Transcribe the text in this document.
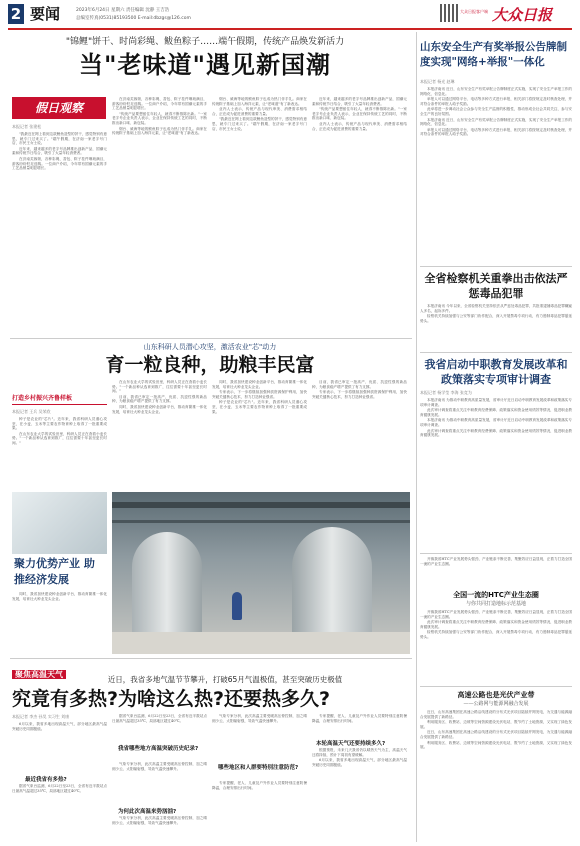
2 要闻	2023年6月24日 星期六 责任编辑 沈静 王吉浩
总编室传真(0531)85193500 E-mail:dbzgs@126.com
大众日报客户端 大众日报
"锦鲤"饼干、时尚彩绳、鲅鱼粽子……端午假期，传统产品焕发新活力
当"老味道"遇见新国潮
假日观察
本报记者 张建松

"我最近在网上看到这款鲤鱼造型的饼干，感觉特别有意思，就专门过来买了。"端午假期，在济南一家老字号门店，市民王女士说。

近年来，越来越多的老字号品牌推出创新产品，国潮元素和传统节日结合，吸引了大量年轻消费者。

在济南芙蓉街，各种彩绳、香包、粽子挂件琳琅满目，游客纷纷驻足选购。一位商户介绍，今年带有国潮元素的手工艺品销量明显增长。

在济南芙蓉街，各种彩绳、香包、粽子挂件琳琅满目，游客纷纷驻足选购。一位商户介绍，今年带有国潮元素的手工艺品销量明显增长。

"传统产品要想留住年轻人，就得不断推陈出新。"一家老字号企业负责人表示，企业在保持传统工艺的同时，不断推出新口味、新包装。

烟台、威海等地的鲅鱼粽子也成为热门伴手礼。商家在传统粽子基础上加入海洋元素，让"老味道"有了新表达。

烟台、威海等地的鲅鱼粽子也成为热门伴手礼。商家在传统粽子基础上加入海洋元素，让"老味道"有了新表达。

业内人士表示，传统产品与现代审美、消费需求相结合，正在成为促进消费的重要力量。

"我最近在网上看到这款鲤鱼造型的饼干，感觉特别有意思，就专门过来买了。"端午假期，在济南一家老字号门店，市民王女士说。

近年来，越来越多的老字号品牌推出创新产品，国潮元素和传统节日结合，吸引了大量年轻消费者。

"传统产品要想留住年轻人，就得不断推陈出新。"一家老字号企业负责人表示，企业在保持传统工艺的同时，不断推出新口味、新包装。

业内人士表示，传统产品与现代审美、消费需求相结合，正在成为促进消费的重要力量。

山东科研人员潜心攻坚，激活农业"芯"动力
育一粒良种，助粮丰民富
打造乡村振兴齐鲁样板
本报记者 王兵 吴荣欣

种子是农业的"芯片"。近年来，我省科研人员潜心攻坚，在小麦、玉米等主要农作物育种上取得了一批重要成果。

在山东农业大学的试验田里，科研人员正在查看小麦长势。"一个新品种从选育到推广，往往需要十年甚至更长时间。"

在山东农业大学的试验田里，科研人员正在查看小麦长势。"一个新品种从选育到推广，往往需要十年甚至更长时间。"

目前，我省已审定一批高产、优质、抗逆性强的新品种，为粮食稳产增产提供了有力支撑。

同时，我省加快建设种业创新平台，推动育繁推一体化发展，培育壮大种业龙头企业。

同时，我省加快建设种业创新平台，推动育繁推一体化发展，培育壮大种业龙头企业。

专家表示，下一步将继续加强种质资源保护利用，加快突破关键核心技术，努力打造种业强省。

种子是农业的"芯片"。近年来，我省科研人员潜心攻坚，在小麦、玉米等主要农作物育种上取得了一批重要成果。

目前，我省已审定一批高产、优质、抗逆性强的新品种，为粮食稳产增产提供了有力支撑。

专家表示，下一步将继续加强种质资源保护利用，加快突破关键核心技术，努力打造种业强省。

聚力优势产业 助推经济发展

同时，我省加快建设种业创新平台，推动育繁推一体化发展，培育壮大种业龙头企业。

聚焦高温天气
近日，我省多地气温节节攀升，打破65月气温极值，甚至突破历史极值
究竟有多热?为啥这么热?还要热多久?
本报记者 李杰 孙昊 实习生 刘康

6月以来，我省多地出现高温天气，部分地区最高气温突破历史同期极值。

最近我省有多热?

据省气象台监测，6月22日至23日，全省有近半数站点日最高气温超过35℃，局部地区超过40℃。

据省气象台监测，6月22日至23日，全省有近半数站点日最高气温超过35℃，局部地区超过40℃。

我省哪些地方高温突破历史纪录?

气象专家分析，此次高温主要受暖高压脊控制，加之晴朗少云、太阳辐射强，导致气温快速攀升。

为何此次高温来势汹汹?

气象专家分析，此次高温主要受暖高压脊控制，加之晴朗少云、太阳辐射强，导致气温快速攀升。

气象专家分析，此次高温主要受暖高压脊控制，加之晴朗少云、太阳辐射强，导致气温快速攀升。

哪些地区和人群要特别注意防范?

专家提醒，老人、儿童及户外作业人员要特别注意防暑降温，合理安排出行时间。

专家提醒，老人、儿童及户外作业人员要特别注意防暑降温，合理安排出行时间。

本轮高温天气还要持续多久?

根据预报，未来几天我省仍以晴热天气为主，高温天气还将持续，预计下周初有望缓解。

6月以来，我省多地出现高温天气，部分地区最高气温突破历史同期极值。

山东安全生产有奖举报公告牌制度实现"网络+举报"一体化
本报记者 杨光 赵琳

本报济南讯 近日，山东安全生产有奖举报公告牌制度正式实施，实现了安全生产举报工作的网络化、信息化。

举报人可以通过网络平台、电话等多种方式进行举报，相关部门将按规定及时核查处理，并对符合条件的举报人给予奖励。

此举将进一步调动社会公众参与安全生产监督的积极性，推动形成全社会共同关注、参与安全生产的良好氛围。

本报济南讯 近日，山东安全生产有奖举报公告牌制度正式实施，实现了安全生产举报工作的网络化、信息化。

举报人可以通过网络平台、电话等多种方式进行举报，相关部门将按规定及时核查处理，并对符合条件的举报人给予奖励。

全省检察机关重拳出击依法严惩毒品犯罪

本报济南讯 今年以来，全省检察机关坚持依法从严惩处毒品犯罪，共批准逮捕毒品犯罪嫌疑人多名，起诉多件。

检察机关持续加强与公安等部门协作配合，深入开展禁毒专项行动，有力遏制毒品犯罪蔓延势头。

我省启动中职教育发展改革和政策落实专项审计调查
本报记者 杨学莹 李海 张竞为

本报济南讯 为推动中职教育高质量发展，省审计厅近日启动中职教育发展改革和政策落实专项审计调查。

此次审计调查将重点关注中职教育经费保障、政策落实和资金使用绩效等情况，促进职业教育健康发展。

本报济南讯 为推动中职教育高质量发展，省审计厅近日启动中职教育发展改革和政策落实专项审计调查。

此次审计调查将重点关注中职教育经费保障、政策落实和资金使用绩效等情况，促进职业教育健康发展。

开赛我省HTC产业发展势头强劲，产业链条不断完善，集聚效应日益显现，正着力打造全国一流的产业生态圈。

全国一流的HTC产业生态圈
与你共同打造地标示范基地

开赛我省HTC产业发展势头强劲，产业链条不断完善，集聚效应日益显现，正着力打造全国一流的产业生态圈。

此次审计调查将重点关注中职教育经费保障、政策落实和资金使用绩效等情况，促进职业教育健康发展。

检察机关持续加强与公安等部门协作配合，深入开展禁毒专项行动，有力遏制毒品犯罪蔓延势头。

高速公路也是光伏产业带
——公路网与能源网融合发展

近日，山东高速集团在高速公路沿线建设的分布式光伏项目陆续并网发电，为交通与能源融合发展提供了新路径。

利用服务区、收费站、边坡等空间资源建设光伏电站，既节约了土地资源，又实现了绿色发展。

近日，山东高速集团在高速公路沿线建设的分布式光伏项目陆续并网发电，为交通与能源融合发展提供了新路径。

利用服务区、收费站、边坡等空间资源建设光伏电站，既节约了土地资源，又实现了绿色发展。
